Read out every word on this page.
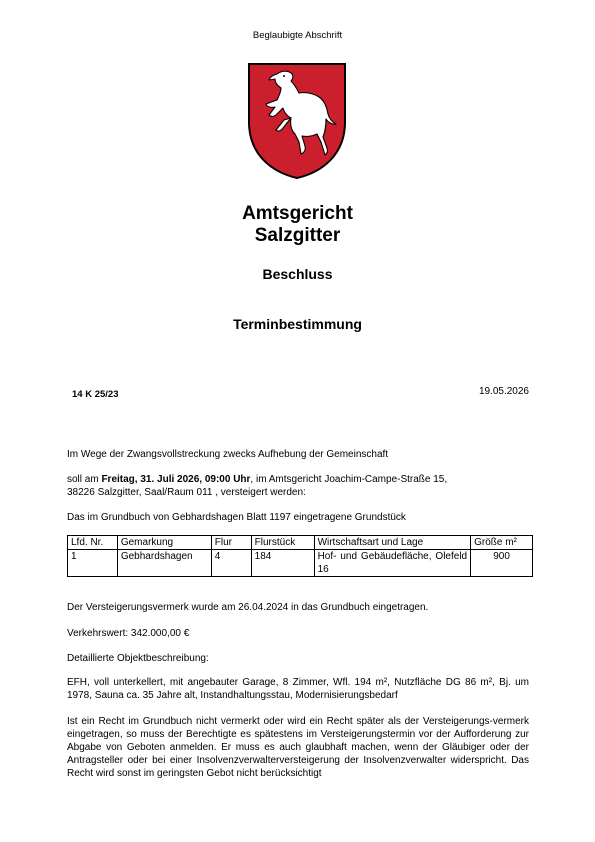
Beglaubigte Abschrift
Amtsgericht
Salzgitter
Beschluss
Terminbestimmung
14 K 25/23	19.05.2026
Im Wege der Zwangsvollstreckung zwecks Aufhebung der Gemeinschaft
soll am Freitag, 31. Juli 2026, 09:00 Uhr, im Amtsgericht Joachim-Campe-Straße 15,
38226 Salzgitter, Saal/Raum 011 , versteigert werden:
Das im Grundbuch von Gebhardshagen Blatt 1197 eingetragene Grundstück
Lfd. Nr.	Gemarkung	Flur	Flurstück	Wirtschaftsart und Lage	Größe m²
1	Gebhardshagen	4	184	Hof- und Gebäudefläche, Olefeld 16	900
Der Versteigerungsvermerk wurde am 26.04.2024 in das Grundbuch eingetragen.
Verkehrswert: 342.000,00 €
Detaillierte Objektbeschreibung:
EFH, voll unterkellert, mit angebauter Garage, 8 Zimmer, Wfl. 194 m², Nutzfläche DG 86 m², Bj. um 1978, Sauna ca. 35 Jahre alt, Instandhaltungsstau, Modernisierungsbedarf
Ist ein Recht im Grundbuch nicht vermerkt oder wird ein Recht später als der Versteigerungs-vermerk eingetragen, so muss der Berechtigte es spätestens im Versteigerungstermin vor der Aufforderung zur Abgabe von Geboten anmelden. Er muss es auch glaubhaft machen, wenn der Gläubiger oder der Antragsteller oder bei einer Insolvenzverwalterversteigerung der Insolvenzverwalter widerspricht. Das Recht wird sonst im geringsten Gebot nicht berücksichtigt
